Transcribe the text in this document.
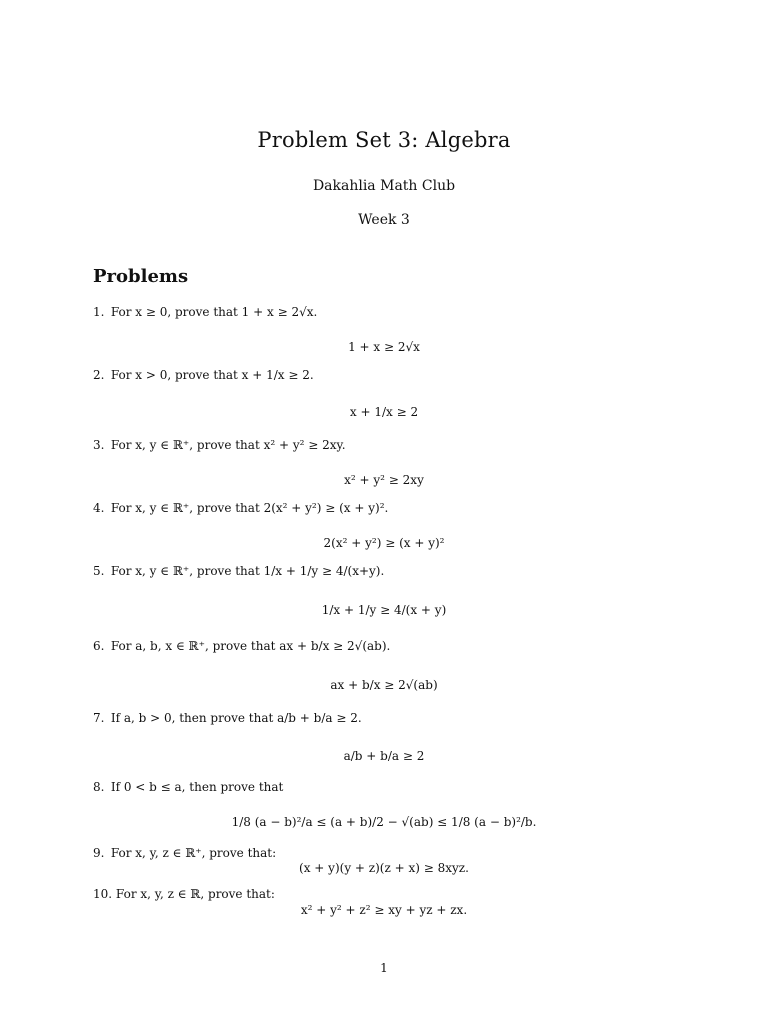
Problem Set 3: Algebra
Dakahlia Math Club
Week 3
Problems
1. For x ≥ 0, prove that 1 + x ≥ 2√x.
1 + x ≥ 2√x
2. For x > 0, prove that x + 1/x ≥ 2.
x + 1/x ≥ 2
3. For x, y ∈ ℝ⁺, prove that x² + y² ≥ 2xy.
x² + y² ≥ 2xy
4. For x, y ∈ ℝ⁺, prove that 2(x² + y²) ≥ (x + y)².
2(x² + y²) ≥ (x + y)²
5. For x, y ∈ ℝ⁺, prove that 1/x + 1/y ≥ 4/(x+y).
1/x + 1/y ≥ 4/(x + y)
6. For a, b, x ∈ ℝ⁺, prove that ax + b/x ≥ 2√(ab).
ax + b/x ≥ 2√(ab)
7. If a, b > 0, then prove that a/b + b/a ≥ 2.
a/b + b/a ≥ 2
8. If 0 < b ≤ a, then prove that
1/8 (a − b)²/a ≤ (a + b)/2 − √(ab) ≤ 1/8 (a − b)²/b.
9. For x, y, z ∈ ℝ⁺, prove that:
(x + y)(y + z)(z + x) ≥ 8xyz.
10. For x, y, z ∈ ℝ, prove that:
x² + y² + z² ≥ xy + yz + zx.
1
